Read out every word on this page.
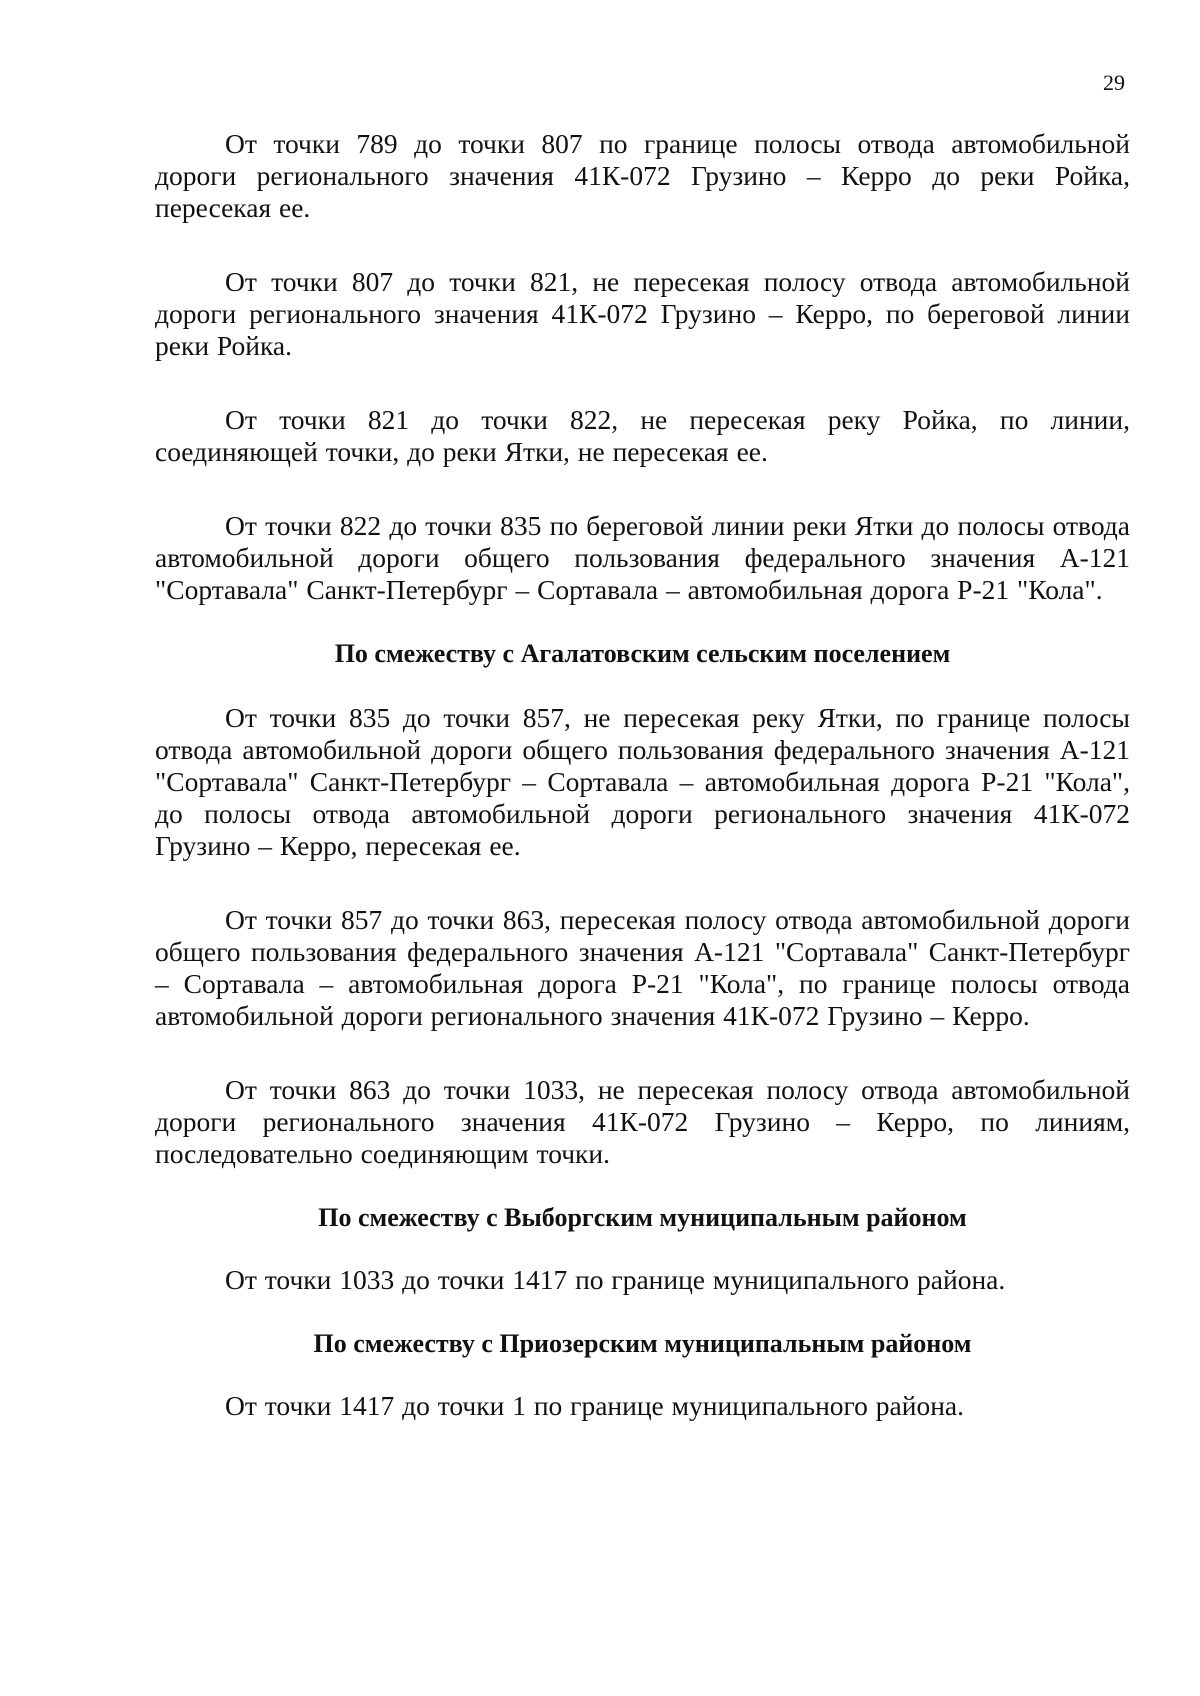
29

От точки 789 до точки 807 по границе полосы отвода автомобильной дороги регионального значения 41К-072 Грузино – Керро до реки Ройка, пересекая ее.

От точки 807 до точки 821, не пересекая полосу отвода автомобильной дороги регионального значения 41К-072 Грузино – Керро, по береговой линии реки Ройка.

От точки 821 до точки 822, не пересекая реку Ройка, по линии, соединяющей точки, до реки Ятки, не пересекая ее.

От точки 822 до точки 835 по береговой линии реки Ятки до полосы отвода автомобильной дороги общего пользования федерального значения А-121 "Сортавала" Санкт-Петербург – Сортавала – автомобильная дорога Р-21 "Кола".

По смежеству с Агалатовским сельским поселением

От точки 835 до точки 857, не пересекая реку Ятки, по границе полосы отвода автомобильной дороги общего пользования федерального значения А-121 "Сортавала" Санкт-Петербург – Сортавала – автомобильная дорога Р-21 "Кола", до полосы отвода автомобильной дороги регионального значения 41К-072 Грузино – Керро, пересекая ее.

От точки 857 до точки 863, пересекая полосу отвода автомобильной дороги общего пользования федерального значения А-121 "Сортавала" Санкт-Петербург – Сортавала – автомобильная дорога Р-21 "Кола", по границе полосы отвода автомобильной дороги регионального значения 41К-072 Грузино – Керро.

От точки 863 до точки 1033, не пересекая полосу отвода автомобильной дороги регионального значения 41К-072 Грузино – Керро, по линиям, последовательно соединяющим точки.

По смежеству с Выборгским муниципальным районом

От точки 1033 до точки 1417 по границе муниципального района.

По смежеству с Приозерским муниципальным районом

От точки 1417 до точки 1 по границе муниципального района.
